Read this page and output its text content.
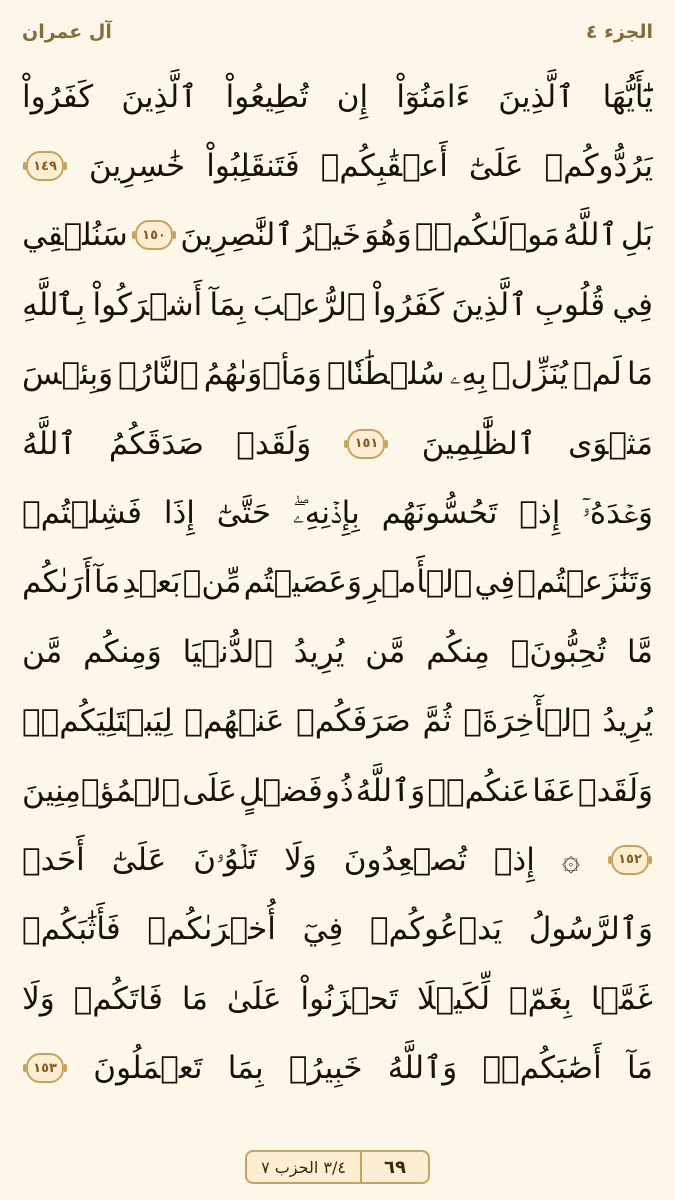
الجزء ٤
آل عمران
يَٰٓأَيُّهَا
ٱلَّذِينَ
ءَامَنُوٓاْ
إِن
تُطِيعُواْ
ٱلَّذِينَ
كَفَرُواْ
يَرُدُّوكُمۡ
عَلَىٰٓ
أَعۡقَٰبِكُمۡ
فَتَنقَلِبُواْ
خَٰسِرِينَ
١٤٩
بَلِ
ٱللَّهُ
مَوۡلَىٰكُمۡۖ
وَهُوَ
خَيۡرُ
ٱلنَّٰصِرِينَ
١٥٠
سَنُلۡقِي
فِي
قُلُوبِ
ٱلَّذِينَ
كَفَرُواْ
ٱلرُّعۡبَ
بِمَآ
أَشۡرَكُواْ
بِٱللَّهِ
مَا
لَمۡ
يُنَزِّلۡ
بِهِۦ
سُلۡطَٰنٗاۖ
وَمَأۡوَىٰهُمُ
ٱلنَّارُۖ
وَبِئۡسَ
مَثۡوَى
ٱلظَّٰلِمِينَ
١٥١
وَلَقَدۡ
صَدَقَكُمُ
ٱللَّهُ
وَعۡدَهُۥٓ
إِذۡ
تَحُسُّونَهُم
بِإِذۡنِهِۦۖ
حَتَّىٰٓ
إِذَا
فَشِلۡتُمۡ
وَتَنَٰزَعۡتُمۡ
فِي
ٱلۡأَمۡرِ
وَعَصَيۡتُم
مِّنۢ
بَعۡدِ
مَآ
أَرَىٰكُم
مَّا
تُحِبُّونَۚ
مِنكُم
مَّن
يُرِيدُ
ٱلدُّنۡيَا
وَمِنكُم
مَّن
يُرِيدُ
ٱلۡأٓخِرَةَۚ
ثُمَّ
صَرَفَكُمۡ
عَنۡهُمۡ
لِيَبۡتَلِيَكُمۡۖ
وَلَقَدۡ
عَفَا
عَنكُمۡۗ
وَٱللَّهُ
ذُو
فَضۡلٍ
عَلَى
ٱلۡمُؤۡمِنِينَ
١٥٢
۞
إِذۡ
تُصۡعِدُونَ
وَلَا
تَلۡوُۥنَ
عَلَىٰٓ
أَحَدٖ
وَٱلرَّسُولُ
يَدۡعُوكُمۡ
فِيٓ
أُخۡرَىٰكُمۡ
فَأَثَٰبَكُمۡ
غَمَّۢا
بِغَمّٖ
لِّكَيۡلَا
تَحۡزَنُواْ
عَلَىٰ
مَا
فَاتَكُمۡ
وَلَا
مَآ
أَصَٰبَكُمۡۗ
وَٱللَّهُ
خَبِيرُۢ
بِمَا
تَعۡمَلُونَ
١٥٣
٦٩
٣/٤ الحزب ٧
